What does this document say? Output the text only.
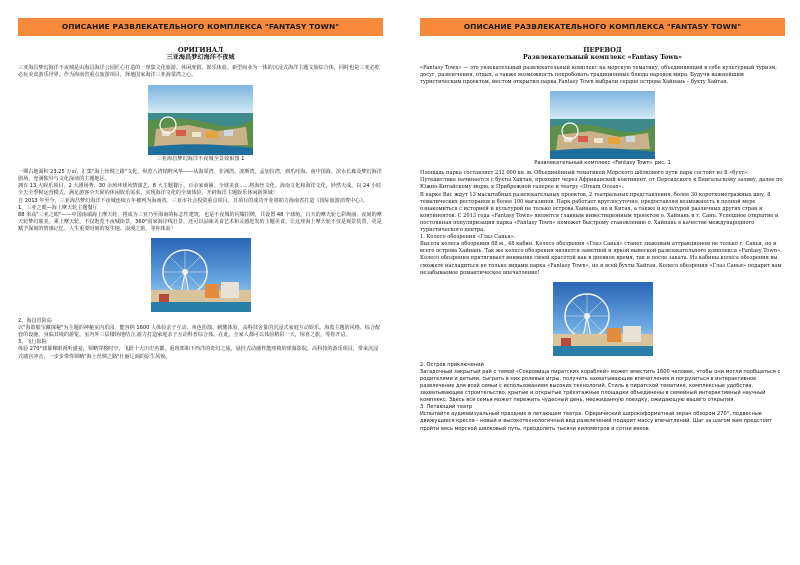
ОПИСАНИЕ РАЗВЛЕКАТЕЛЬНОГО КОМПЛЕКСА "FANTASY TOWN"
ОРИГИНАЛ
三亚海昌梦幻海洋不夜城

三亚海昌梦幻海洋不夜城是由海昌海洋公园匠心打造的一座集文化旅游、休闲度假、娱乐体验、新型商业为一体的沉浸式海洋主题文旅综合体，同时也是三亚必吃必玩美食游乐世界。作为海南省重点旅游项目，择地国家海洋三亚海棠湾之心。

三亚海昌梦幻海洋不夜城全景效果图 1

一期占地面积 23.25 万㎡，汇集"海上丝绸之路"文化，纵览八湾梢粹风华——从海棠湾、非洲湾、波斯湾、孟加拉湾，到爪哇海、南中国海、滨水长廊及梦幻海洋剧场，充满独异与文化深读的主题地区。

拥有 13 大娱乐项目，2 大剧场秀、30 余场环球风情演艺、8 大主题餐厅、百余家商铺、全球美食……将海丝文化、海南文化和海洋文化，妙然天成。以 24 小时全天全季候运营模式，满足游客全天候的休闲娱乐需求，实现海洋文化的全域体验，开辟海洋主题娱乐休闲新领域！

自 2013 年至今，三亚海昌梦幻海洋不夜城连续五年被列为海南省、三亚市社会投资重点项目，且项目的成功开业将助力海南省打造《国际旅游消费中心》。

1、三亚之眼—海上摩天轮主题餐厅

88 米高"三亚之眼"——中国南端海上摩天轮，将成为三亚乃至海南的标志性建筑，也是不夜城的闪耀招牌，共设置 48 个球舱。白天的摩天轮七彩绚丽，夜间的摩天轮梦幻璀美。乘上摩天轮，不仅饱览不夜城街景、360°国家海岸线壮景，还可以品味美食艺术和灵感迸发的主题美食，让这座海上摩天轮不仅是观景装置，更是赋予深刻的情感记忆、人生重要时刻的发生地、浪漫之旅，等你体验！

2、海昌冒险岛

以"海盗船宝藏探秘"为主题的神秘室内乐园，能容纳 1600 人体验亲子互动、角色扮演、刺激体验，高科技舍量的沉浸式家庭互动娱乐。海盗主题的风格、综合配套的设施，身临其境的游览，室内外三层楼场地结合,游力打造家庭亲子互动科普综合体。在此，全家人都可以体验精彩一天，惊喜之旅，等你开启。

3、飞行影院

体验 270°球幕裸眼视听盛宴，领略穿梭时空、飞跃十大历史名都，重现郑和下西洋的奇幻之旅。悬挂式动感性能座椅的球幕影院，高科技的游乐项目，带来沉浸式感官冲击，一步步带你领略"海上丝绸之路"壮丽辽阔的原生风貌。

ОПИСАНИЕ РАЗВЛЕКАТЕЛЬНОГО КОМПЛЕКСА "FANTASY TOWN"
ПЕРЕВОД
Развлекательный комплекс «Fantasy Town»

«Fantasy Town» — это увлекательный развлекательный комплекс на морскую тематику, объединяющий в себе культурный туризм, досуг, развлечения, отдых, а также возможность попробовать традиционные блюда народов мира. Будучи важнейшим туристическим проектом, местом открытия парка Fantasy Town выбрали сердце острова Хайнань – бухту Хайтан.

Развлекательный комплекс «Fantasy Town» рис. 1

Площадь парка составляет 232 000 кв. м. Объединённый тематикой Морского шёлкового пути парк состоит из 8 «бухт»: Путешествие начинается с бухты Хайтан, проходит через Африканский континент, от Персидского к Бенгальскому заливу, далее по Южно-Китайскому морю, к Прибрежной галерее и театру «Dream Ocean».

В парке Вас ждут 13 масштабных развлекательных проектов, 2 театральных представления, более 30 короткометражных шоу, 8 тематических ресторанов и более 100 магазинов. Парк работает круглосуточно, предоставляя возможность в полной мере ознакомиться с историей и культурой не только острова Хайнань, но и Китая, а также и культурой различных других стран и континентов. С 2013 года «Fantasy Town» является главным инвестиционным проектом о. Хайнань и г. Санъ. Успешное открытие и постоянная популяризация парка «Fantasy Town» поможет быстрому становлению о. Хайнань в качестве международного туристического центра.

1. Колесо обозрения «Глаз Санья».

Высота колеса обозрения 88 м., 48 кабин. Колесо обозрения «Глаз Санья» станет знаковым аттракционом не только г. Санья, но и всего острова Хайнань. Так же колесо обозрения является заметной и яркой вывеской развлекательного комплекса «Fantasy Town». Колесо обозрения притягивает внимание своей красотой как в дневное время, так и после заката. Из кабины колеса обозрения вы сможете насладиться не только видами парка «Fantasy Town», но и всей бухты Хайтан. Колесо обозрения «Глаз Санья» подарит вам незабываемое романтическое впечатление!

2. Остров приключений

Загадочный закрытый рай с темой «Сокровища пиратских кораблей» может вместить 1600 человек, чтобы они могли пообщаться с родителями и детьми, сыграть в них ролевые игры, получить захватывающие впечатления и погрузиться в интерактивное развлечение для всей семьи с использованием высоких технологий. Стиль в пиратской тематике, комплексные удобства, захватывающее строительство, крытые и открытые трёхэтажные площадки объединены в семейный интерактивный научный комплекс. Здесь вся семья может пережить чудесный день, неожиданную поездку, ожидающую вашего открытия.

3. Летающий театр

Испытайте аудиовизуальный праздник в летающем театре. Сферический широкоформатный экран обзором 270°, подвесные движущиеся кресла - новый и высокотехнологичный вид развлечений подарит массу впечатлений. Шаг за шагом вам предстоит пройти весь морской шелковый путь, преодолеть тысячи километров и сотни веков.
